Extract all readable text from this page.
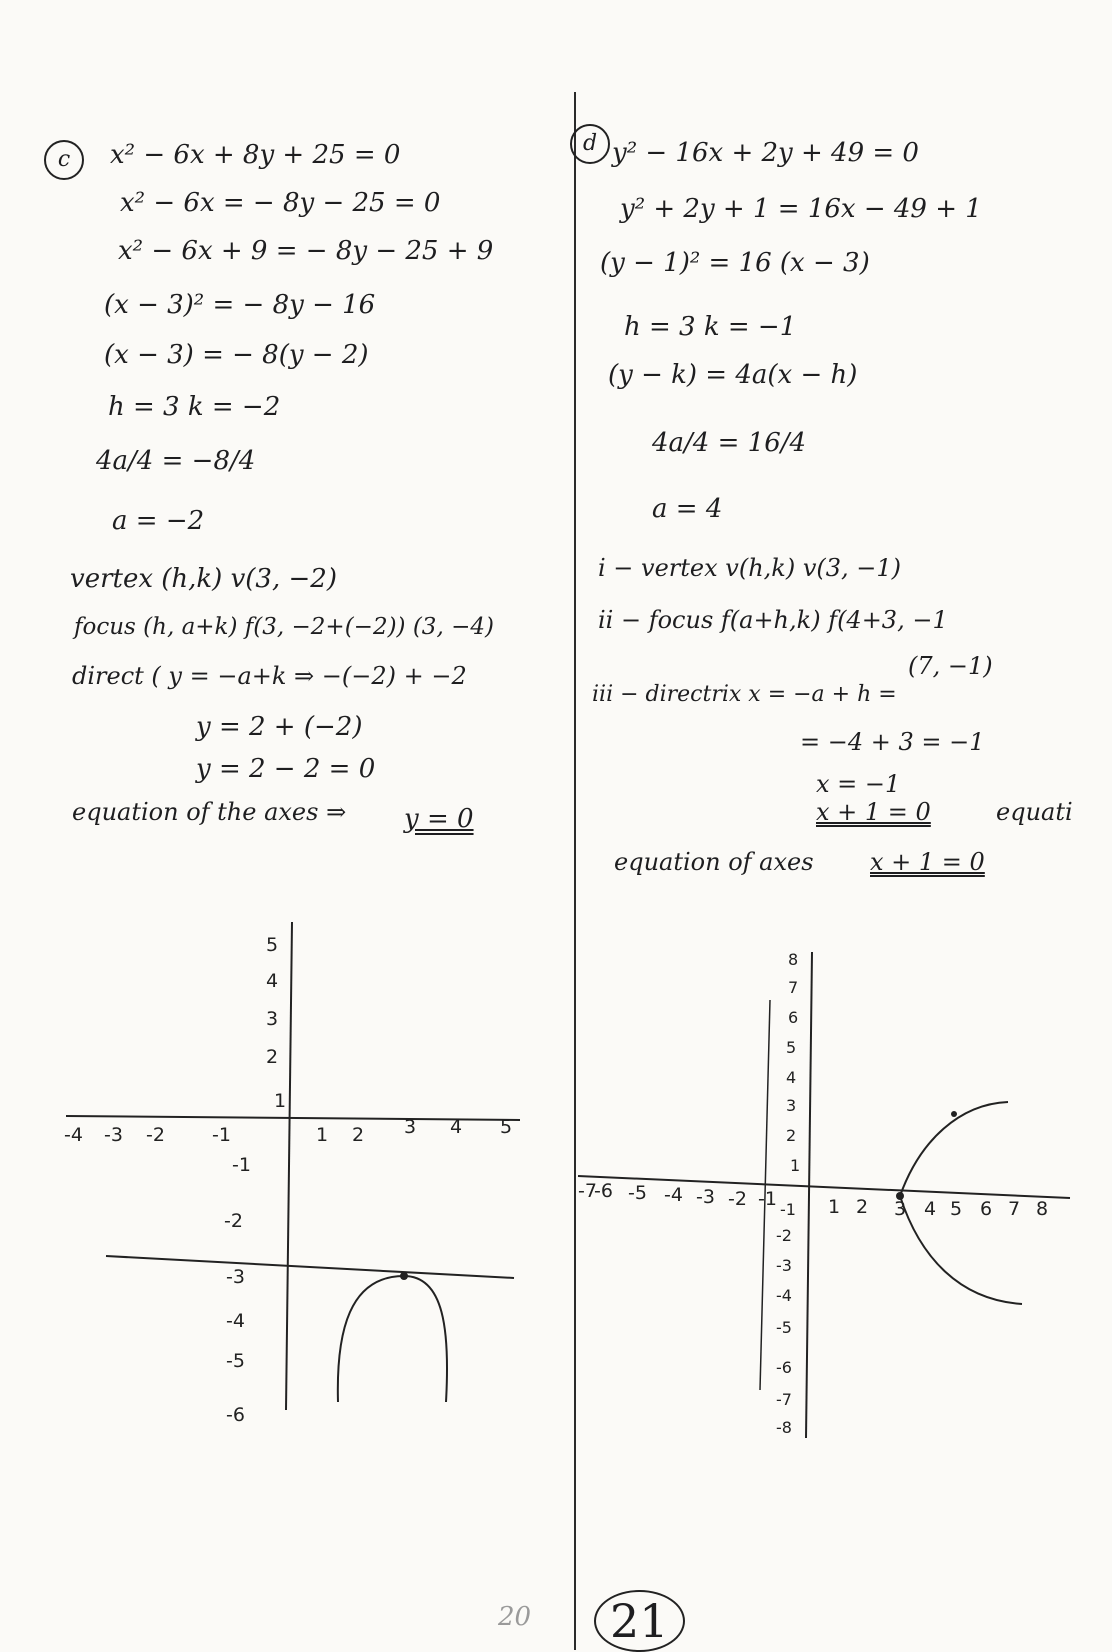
c	x² − 6x + 8y + 25 = 0
x² − 6x = − 8y − 25 = 0
x² − 6x + 9 = − 8y − 25 + 9
(x − 3)² = − 8y − 16
(x − 3) = − 8(y − 2)
h = 3 k = −2
4a/4 = −8/4
a = −2
vertex (h,k) v(3, −2)
focus (h, a+k) f(3, −2+(−2)) (3, −4)
direct ( y = −a+k ⇒ −(−2) + −2
y = 2 + (−2)
y = 2 − 2 = 0
equation of the axes ⇒ y = 0
d y² − 16x + 2y + 49 = 0
y² + 2y + 1 = 16x − 49 + 1
(y − 1)² = 16 (x − 3)
h = 3 k = −1
(y − k) = 4a(x − h)
4a/4 = 16/4
a = 4
i − vertex v(h,k) v(3, −1)
ii − focus f(a+h,k) f(4+3, −1
(7, −1)
iii − directrix x = −a + h =
= −4 + 3 = −1
x = −1
x + 1 = 0	equati
equation of axes x + 1 = 0
-4 -3 -2 -1	1 2 3 4 5
5
4
3
2
1
-1
-2
-3
-4
-5
-6
-7
-6 -5 -4 -3 -2 -1	1 2 3 4 5 6 7 8
8
7
6
5
4
3
2
1
-1
-2
-3
-4
-5
-6
-7
-8
20	21
